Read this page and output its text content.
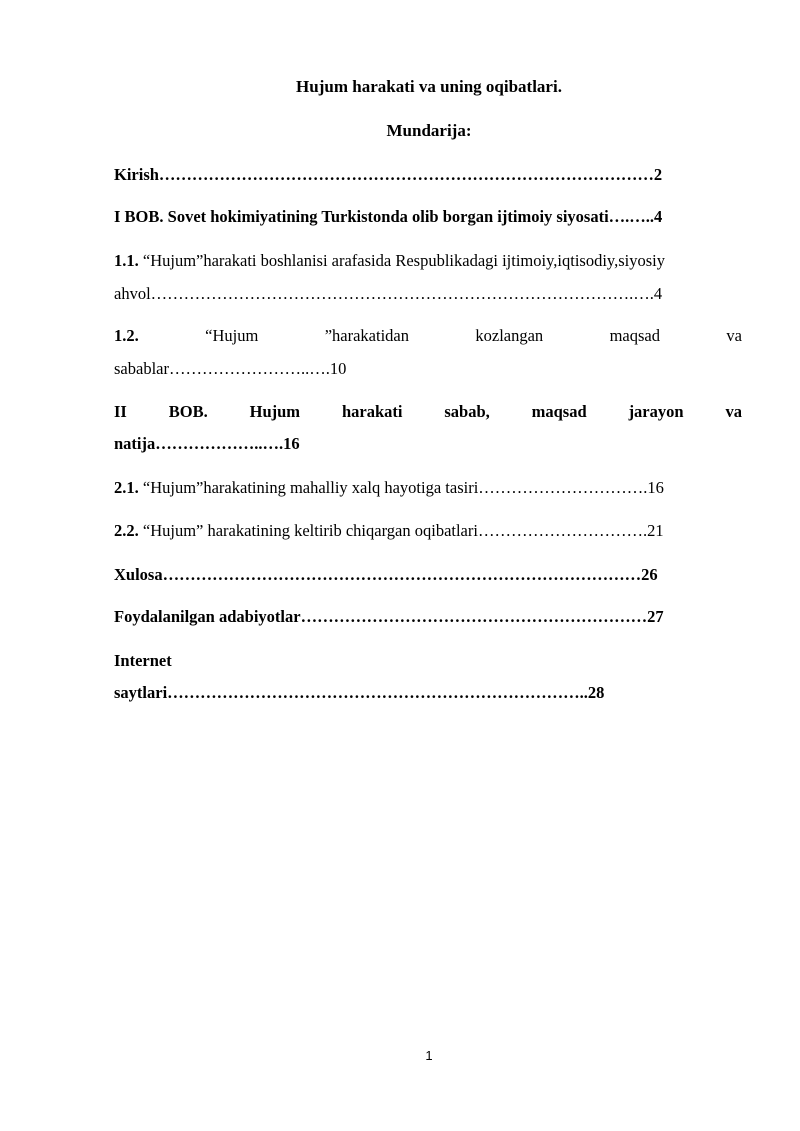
Hujum harakati va uning oqibatlari.
Mundarija:
Kirish………………………………………………………………………………2
I BOB. Sovet hokimiyatining Turkistonda olib borgan ijtimoiy siyosati….…..4
1.1. “Hujum”harakati boshlanisi arafasida Respublikadagi ijtimoiy,iqtisodiy,siyosiy
ahvol…………………………………………………………………………….….4
1.2.	“Hujum	”harakatidan	kozlangan	maqsad	va
sabablar……………………..….10
II	BOB.	Hujum	harakati	sabab,	maqsad	jarayon	va
natija………………..….16
2.1. “Hujum”harakatining mahalliy xalq hayotiga tasiri………………………….16
2.2. “Hujum” harakatining keltirib chiqargan oqibatlari………………………….21
Xulosa……………………………………………………………………………26
Foydalanilgan adabiyotlar………………………………………………………27
Internet
saytlari…………………………………………………………………..28
1
